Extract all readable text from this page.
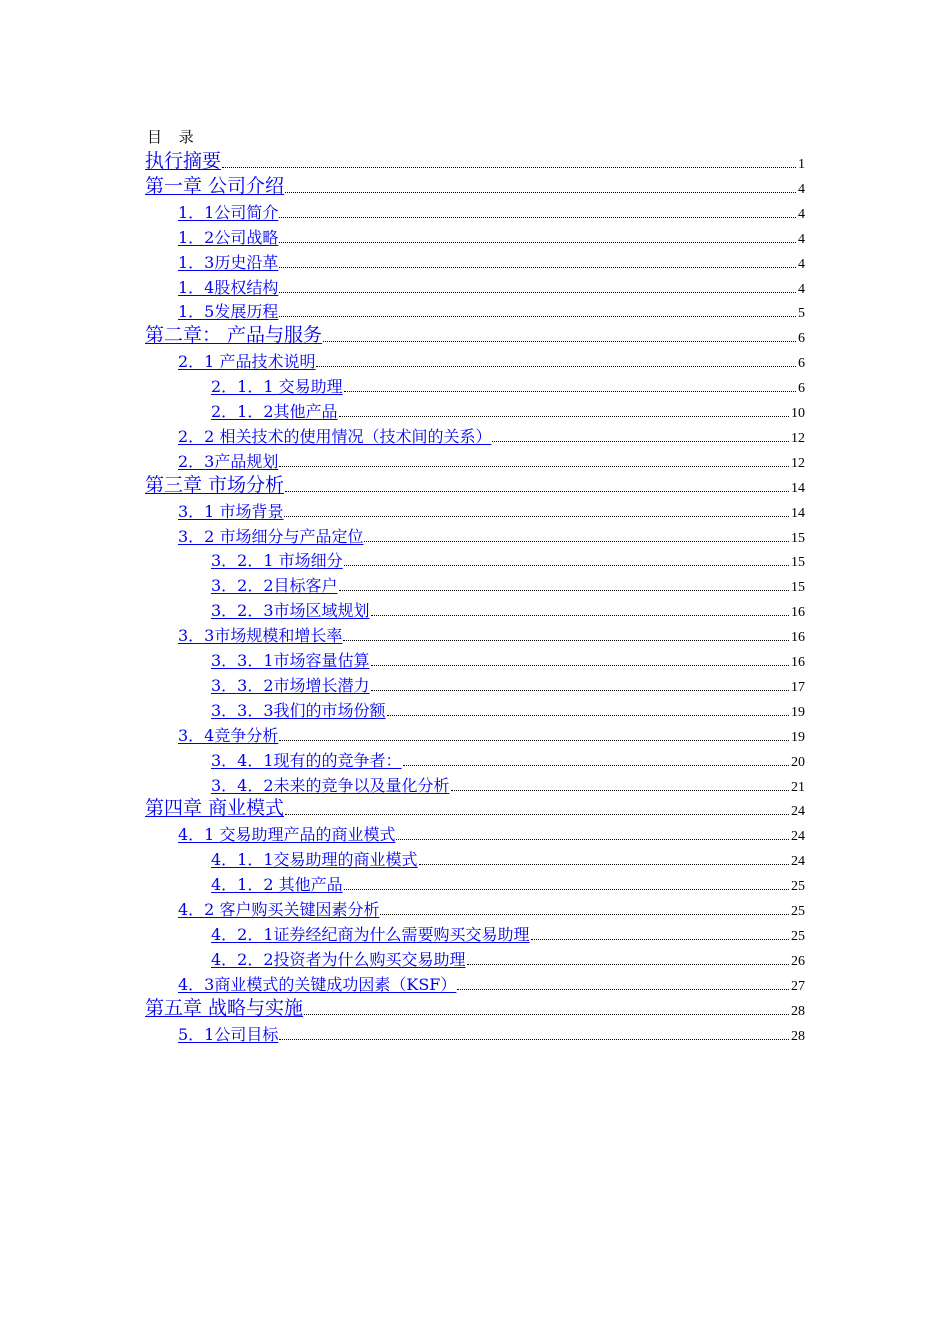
目 录
执行摘要	1
第一章 公司介绍	4
1．1公司简介	4
1．2公司战略	4
1．3历史沿革	4
1．4股权结构	4
1．5发展历程	5
第二章： 产品与服务	6
2．1 产品技术说明	6
2．1．1 交易助理	6
2．1．2其他产品	10
2．2 相关技术的使用情况（技术间的关系）	12
2．3产品规划	12
第三章 市场分析	14
3．1 市场背景	14
3．2 市场细分与产品定位	15
3．2．1 市场细分	15
3．2．2目标客户	15
3．2．3市场区域规划	16
3．3市场规模和增长率	16
3．3．1市场容量估算	16
3．3．2市场增长潜力	17
3．3．3我们的市场份额	19
3．4竞争分析	19
3．4．1现有的的竞争者：	20
3．4．2未来的竞争以及量化分析	21
第四章 商业模式	24
4．1 交易助理产品的商业模式	24
4．1．1交易助理的商业模式	24
4．1．2 其他产品	25
4．2 客户购买关键因素分析	25
4．2．1证券经纪商为什么需要购买交易助理	25
4．2．2投资者为什么购买交易助理	26
4．3商业模式的关键成功因素（KSF）	27
第五章 战略与实施	28
5．1公司目标	28
